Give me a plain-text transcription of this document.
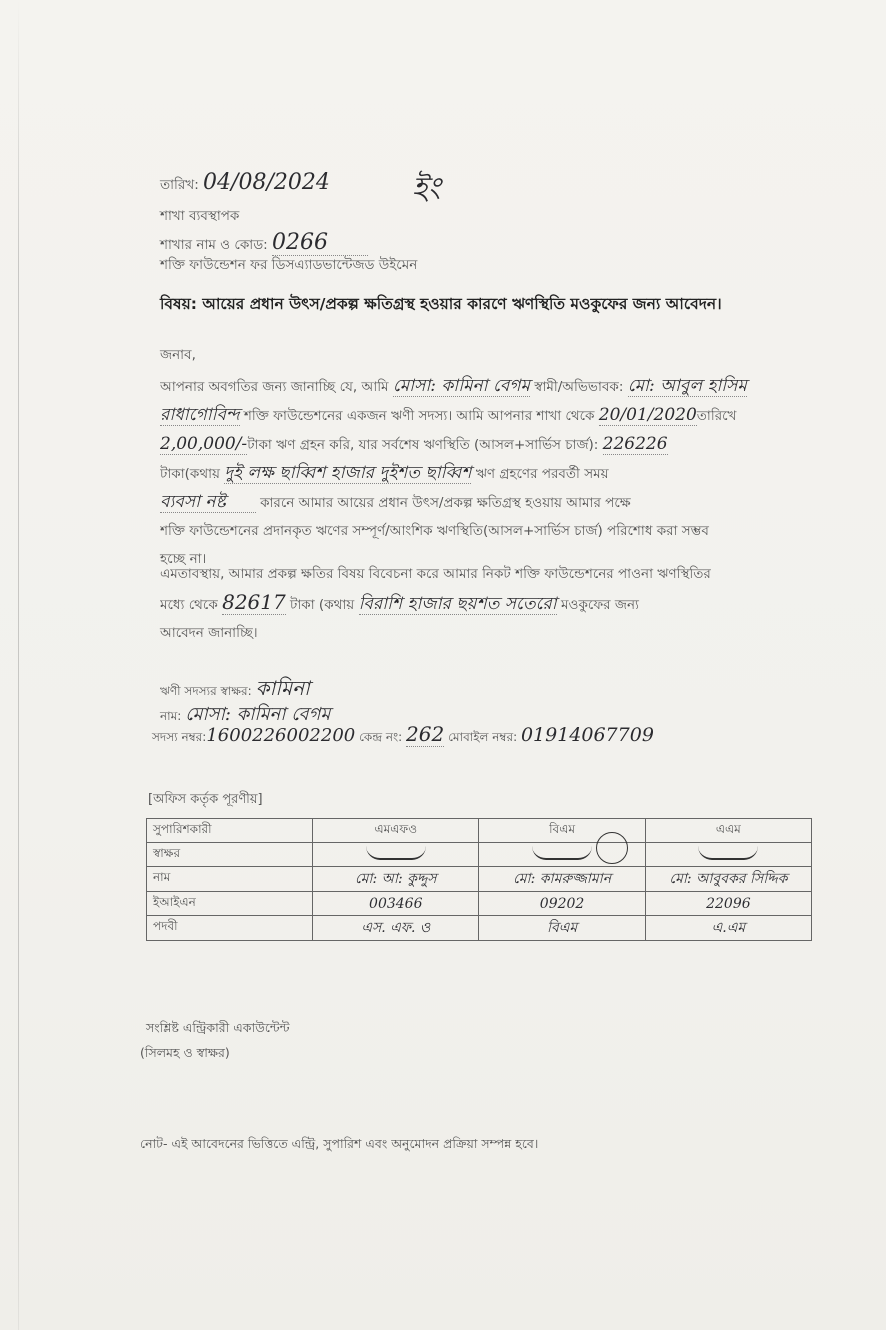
তারিখ: 04/08/2024	ইং
শাখা ব্যবস্থাপক
শাখার নাম ও কোড: 0266
শক্তি ফাউন্ডেশন ফর ডিসএ্যাডভান্টেজড উইমেন
বিষয়: আয়ের প্রধান উৎস/প্রকল্প ক্ষতিগ্রস্থ হওয়ার কারণে ঋণস্থিতি মওকুফের জন্য আবেদন।
জনাব,
আপনার অবগতির জন্য জানাচ্ছি যে, আমি মোসা: কামিনা বেগম স্বামী/অভিভাবক: মো: আবুল হাসিম
রাধাগোবিন্দ শক্তি ফাউন্ডেশনের একজন ঋণী সদস্য। আমি আপনার শাখা থেকে 20/01/2020তারিখে
2,00,000/-টাকা ঋণ গ্রহন করি, যার সর্বশেষ ঋণস্থিতি (আসল+সার্ভিস চার্জ): 226226
টাকা(কথায় দুই লক্ষ ছাব্বিশ হাজার দুইশত ছাব্বিশ ঋণ গ্রহণের পরবর্তী সময়
ব্যবসা নষ্ট	কারনে আমার আয়ের প্রধান উৎস/প্রকল্প ক্ষতিগ্রস্থ হওয়ায় আমার পক্ষে
শক্তি ফাউন্ডেশনের প্রদানকৃত ঋণের সম্পূর্ণ/আংশিক ঋণস্থিতি(আসল+সার্ভিস চার্জ) পরিশোধ করা সম্ভব
হচ্ছে না।
এমতাবস্থায়, আমার প্রকল্প ক্ষতির বিষয় বিবেচনা করে আমার নিকট শক্তি ফাউন্ডেশনের পাওনা ঋণস্থিতির
মধ্যে থেকে 82617 টাকা (কথায় বিরাশি হাজার ছয়শত সতেরো মওকুফের জন্য
আবেদন জানাচ্ছি।
ঋণী সদস্যর স্বাক্ষর: কামিনা
নাম: মোসা: কামিনা বেগম
সদস্য নম্বর:1600226002200 কেন্দ্র নং: 262 মোবাইল নম্বর: 01914067709
[অফিস কর্তৃক পূরণীয়]
সুপারিশকারী	এমএফও	বিএম	এএম
স্বাক্ষর			
নাম	মো: আ: কুদ্দুস	মো: কামরুজ্জামান	মো: আবুবকর সিদ্দিক
ইআইএন	003466	09202	22096
পদবী	এস. এফ. ও	বিএম	এ.এম
সংশ্লিষ্ট এন্ট্রিকারী একাউন্টেন্ট
(সিলমহ ও স্বাক্ষর)
নোট- এই আবেদনের ভিত্তিতে এন্ট্রি, সুপারিশ এবং অনুমোদন প্রক্রিয়া সম্পন্ন হবে।
